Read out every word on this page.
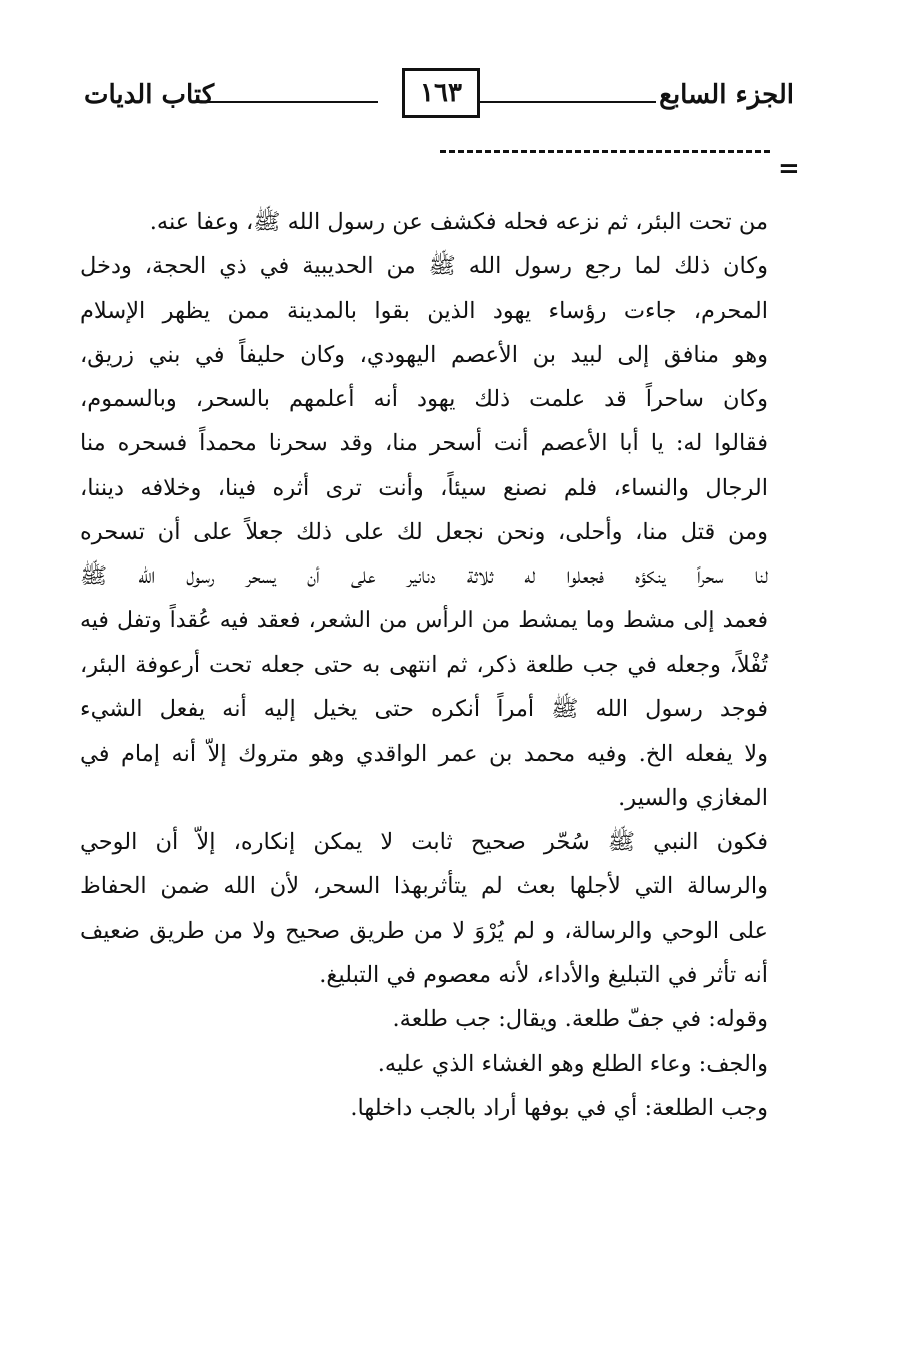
الجزء السابع
١٦٣
كتاب الديات
=
من تحت البئر، ثم نزعه فحله فكشف عن رسول الله ﷺ، وعفا عنه.
وكان ذلك لما رجع رسول الله ﷺ من الحديبية في ذي الحجة، ودخل
المحرم، جاءت رؤساء يهود الذين بقوا بالمدينة ممن يظهر الإسلام
وهو منافق إلى لبيد بن الأعصم اليهودي، وكان حليفاً في بني زريق،
وكان ساحراً قد علمت ذلك يهود أنه أعلمهم بالسحر، وبالسموم،
فقالوا له: يا أبا الأعصم أنت أسحر منا، وقد سحرنا محمداً فسحره منا
الرجال والنساء، فلم نصنع سيئاً، وأنت ترى أثره فينا، وخلافه ديننا،
ومن قتل منا، وأحلى، ونحن نجعل لك على ذلك جعلاً على أن تسحره
لنا سحراً ينكؤه فجعلوا له ثلاثة دنانير على أن يسحر رسول الله ﷺ
فعمد إلى مشط وما يمشط من الرأس من الشعر، فعقد فيه عُقداً وتفل فيه
تُفْلاً، وجعله في جب طلعة ذكر، ثم انتهى به حتى جعله تحت أرعوفة البئر،
فوجد رسول الله ﷺ أمراً أنكره حتى يخيل إليه أنه يفعل الشيء
ولا يفعله الخ. وفيه محمد بن عمر الواقدي وهو متروك إلاّ أنه إمام في
المغازي والسير.
فكون النبي ﷺ سُحّر صحيح ثابت لا يمكن إنكاره، إلاّ أن الوحي
والرسالة التي لأجلها بعث لم يتأثربهذا السحر، لأن الله ضمن الحفاظ
على الوحي والرسالة، و لم يُرْوَ لا من طريق صحيح ولا من طريق ضعيف
أنه تأثر في التبليغ والأداء، لأنه معصوم في التبليغ.
وقوله: في جفّ طلعة. ويقال: جب طلعة.
والجف: وعاء الطلع وهو الغشاء الذي عليه.
وجب الطلعة: أي في بوفها أراد بالجب داخلها.
